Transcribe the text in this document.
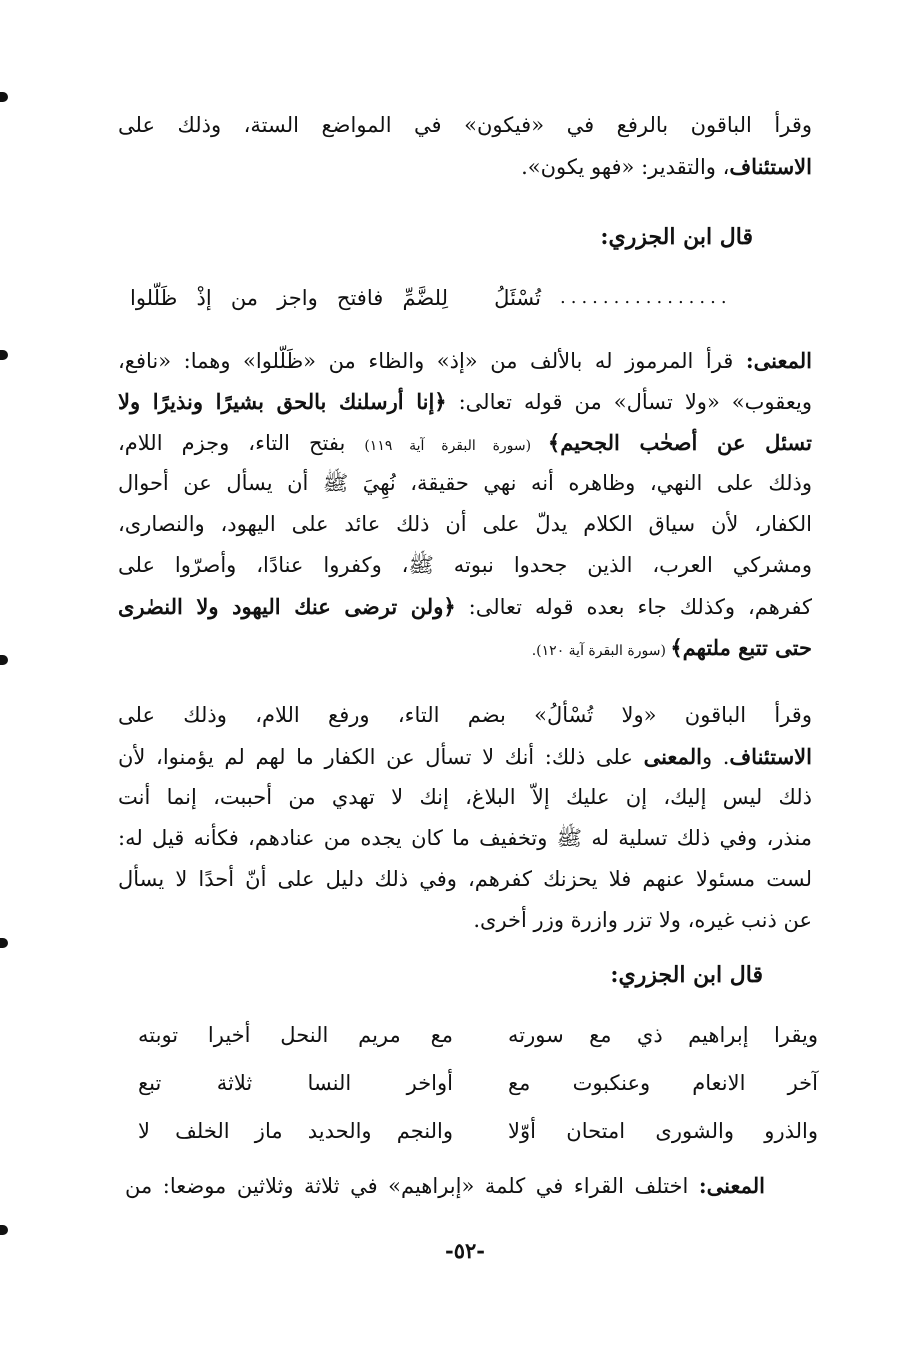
وقرأ الباقون بالرفع في «فيكون» في المواضع الستة، وذلك على
الاستئناف، والتقدير: «فهو يكون».
قال ابن الجزري:
................
تُسْئَلُ
لِلضَّمِّ فافتح واجز من إذْ ظَلّلوا
المعنى: قرأ المرموز له بالألف من «إذ» والظاء من «ظَلّلوا» وهما: «نافع،
ويعقوب» «ولا تسأل» من قوله تعالى: ﴿إنا أرسلنك بالحق بشيرًا ونذيرًا ولا
تسئل عن أصحٰب الجحيم﴾ (سورة البقرة آية ١١٩) بفتح التاء، وجزم اللام،
وذلك على النهي، وظاهره أنه نهي حقيقة، نُهِيَ ﷺ أن يسأل عن أحوال
الكفار، لأن سياق الكلام يدلّ على أن ذلك عائد على اليهود، والنصارى،
ومشركي العرب، الذين جحدوا نبوته ﷺ، وكفروا عنادًا، وأصرّوا على
كفرهم، وكذلك جاء بعده قوله تعالى: ﴿ولن ترضى عنك اليهود ولا النصٰرى
حتى تتبع ملتهم﴾ (سورة البقرة آية ١٢٠).
وقرأ الباقون «ولا تُسْألُ» بضم التاء، ورفع اللام، وذلك على
الاستئناف. والمعنى على ذلك: أنك لا تسأل عن الكفار ما لهم لم يؤمنوا، لأن
ذلك ليس إليك، إن عليك إلاّ البلاغ، إنك لا تهدي من أحببت، إنما أنت
منذر، وفي ذلك تسلية له ﷺ وتخفيف ما كان يجده من عنادهم، فكأنه قيل له:
لست مسئولا عنهم فلا يحزنك كفرهم، وفي ذلك دليل على أنّ أحدًا لا يسأل
عن ذنب غيره، ولا تزر وازرة وزر أخرى.
قال ابن الجزري:
ويقرا إبراهيم ذي مع سورته
مع مريم النحل أخيرا توبته
آخر الانعام وعنكبوت مع
أواخر النسا ثلاثة تبع
والذرو والشورى امتحان أوّلا
والنجم والحديد ماز الخلف لا
المعنى: اختلف القراء في كلمة «إبراهيم» في ثلاثة وثلاثين موضعا: من
-٥٢-
